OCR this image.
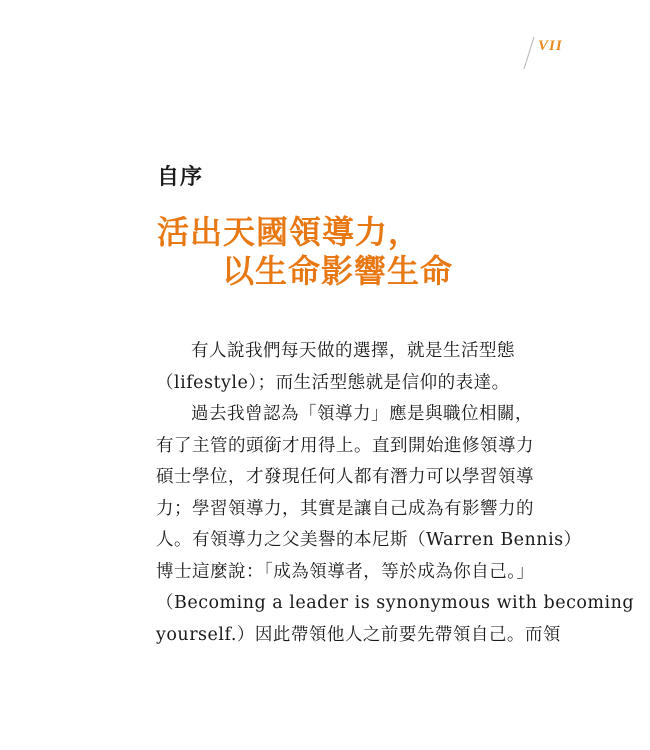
VII
自序
活出天國領導力，
以生命影響生命
有人說我們每天做的選擇，就是生活型態
（lifestyle）；而生活型態就是信仰的表達。
過去我曾認為「領導力」應是與職位相關，
有了主管的頭銜才用得上。直到開始進修領導力
碩士學位，才發現任何人都有潛力可以學習領導
力；學習領導力，其實是讓自己成為有影響力的
人。有領導力之父美譽的本尼斯（Warren Bennis）
博士這麼說：「成為領導者，等於成為你自己。」
（Becoming a leader is synonymous with becoming
yourself.）因此帶領他人之前要先帶領自己。而領
